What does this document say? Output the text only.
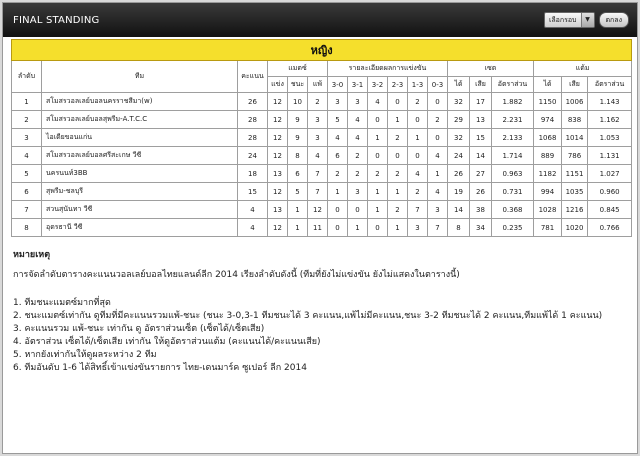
FINAL STANDING	เลือกรอบ	▼	ตกลง
หญิง																	
ลำดับ	ทีม	คะแนน	แมตซ์			รายละเอียดผลการแข่งขัน						เซต			แต้ม		
			แข่ง	ชนะ	แพ้	3-0	3-1	3-2	2-3	1-3	0-3	ได้	เสีย	อัตราส่วน	ได้	เสีย	อัตราส่วน
1	สโมสรวอลเลย์บอลนครราชสีมา(w)	26	12	10	2	3	3	4	0	2	0	32	17	1.882	1150	1006	1.143
2	สโมสรวอลเลย์บอลสุพรีม-A.T.C.C	28	12	9	3	5	4	0	1	0	2	29	13	2.231	974	838	1.162
3	ไอเดียขอนแก่น	28	12	9	3	4	4	1	2	1	0	32	15	2.133	1068	1014	1.053
4	สโมสรวอลเลย์บอลศรีสะเกษ วีซี	24	12	8	4	6	2	0	0	0	4	24	14	1.714	889	786	1.131
5	นครนนท์3BB	18	13	6	7	2	2	2	2	4	1	26	27	0.963	1182	1151	1.027
6	สุพรีม-ชลบุรี	15	12	5	7	1	3	1	1	2	4	19	26	0.731	994	1035	0.960
7	สวนสุนันทา วีซี	4	13	1	12	0	0	1	2	7	3	14	38	0.368	1028	1216	0.845
8	อุดรธานี วีซี	4	12	1	11	0	1	0	1	3	7	8	34	0.235	781	1020	0.766
หมายเหตุ
การจัดลำดับตารางคะแนนวอลเลย์บอลไทยแลนด์ลีก 2014 เรียงลำดับดังนี้ (ทีมที่ยังไม่แข่งขัน ยังไม่แสดงในตารางนี้)
1. ทีมชนะแมตซ์มากที่สุด
2. ชนะแมตซ์เท่ากัน ดูทีมที่มีคะแนนรวมแพ้-ชนะ (ชนะ 3-0,3-1 ทีมชนะได้ 3 คะแนน,แพ้ไม่มีคะแนน,ชนะ 3-2 ทีมชนะได้ 2 คะแนน,ทีมแพ้ได้ 1 คะแนน)
3. คะแนนรวม แพ้-ชนะ เท่ากัน ดู อัตราส่วนเซ็ต (เซ็ตได้/เซ็ตเสีย)
4. อัตราส่วน เซ็ตได้/เซ็ตเสีย เท่ากัน ให้ดูอัตราส่วนแต้ม (คะแนนได้/คะแนนเสีย)
5. หากยังเท่ากันให้ดูผลระหว่าง 2 ทีม
6. ทีมอันดับ 1-6 ได้สิทธิ์เข้าแข่งขันรายการ ไทย-เดนมาร์ค ซูเปอร์ ลีก 2014
